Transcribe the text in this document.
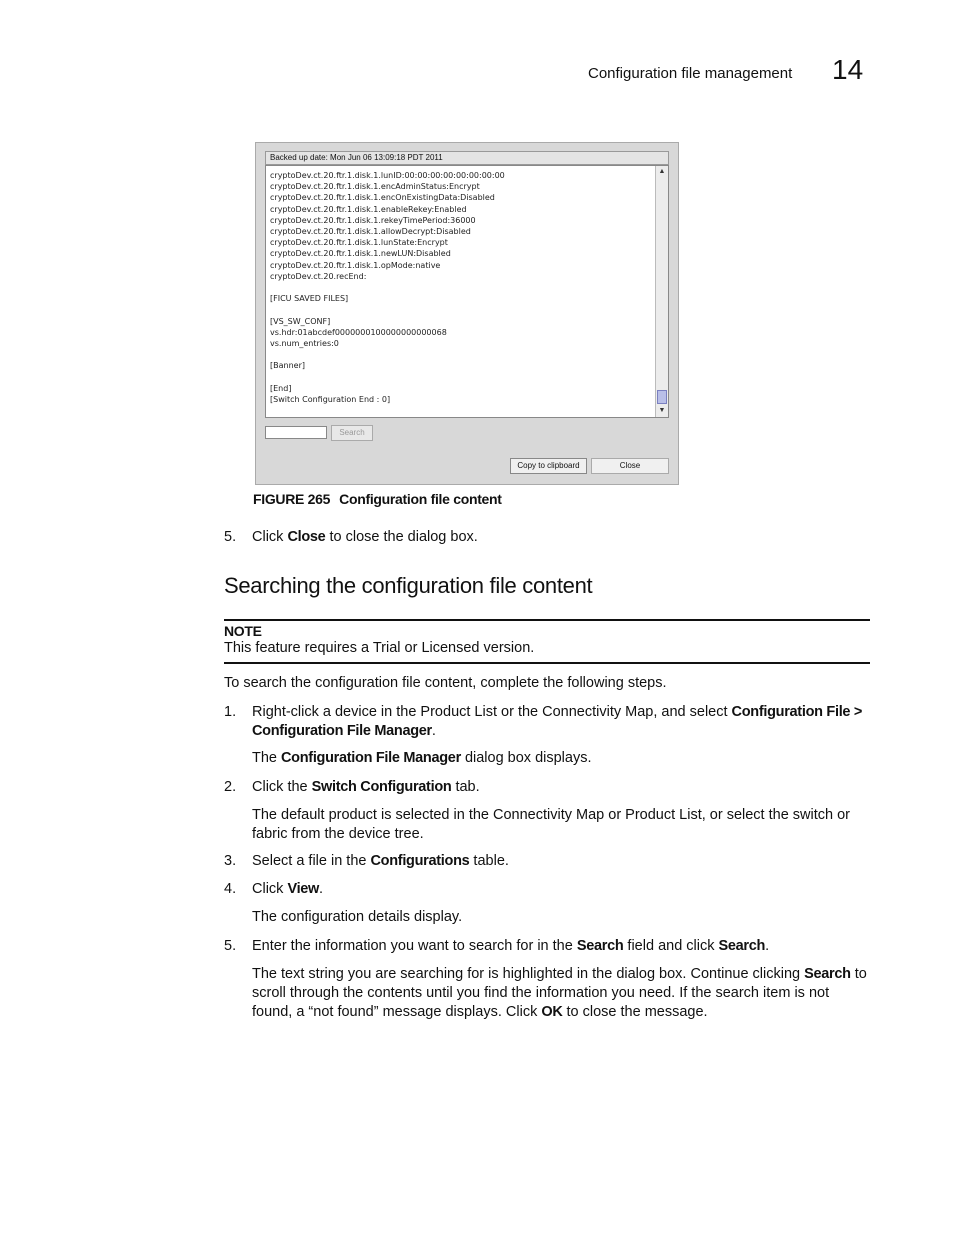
Configuration file management 14
Backed up date: Mon Jun 06 13:09:18 PDT 2011
cryptoDev.ct.20.ftr.1.disk.1.lunID:00:00:00:00:00:00:00:00
cryptoDev.ct.20.ftr.1.disk.1.encAdminStatus:Encrypt
cryptoDev.ct.20.ftr.1.disk.1.encOnExistingData:Disabled
cryptoDev.ct.20.ftr.1.disk.1.enableRekey:Enabled
cryptoDev.ct.20.ftr.1.disk.1.rekeyTimePeriod:36000
cryptoDev.ct.20.ftr.1.disk.1.allowDecrypt:Disabled
cryptoDev.ct.20.ftr.1.disk.1.lunState:Encrypt
cryptoDev.ct.20.ftr.1.disk.1.newLUN:Disabled
cryptoDev.ct.20.ftr.1.disk.1.opMode:native
cryptoDev.ct.20.recEnd:

[FICU SAVED FILES]

[VS_SW_CONF]
vs.hdr:01abcdef0000000100000000000068
vs.num_entries:0

[Banner]

[End]
[Switch Configuration End : 0]
▲
▼
Search
Copy to clipboard	Close
FIGURE 265 Configuration file content
5. Click Close to close the dialog box.
Searching the configuration file content
NOTE
This feature requires a Trial or Licensed version.
To search the configuration file content, complete the following steps.
1. Right-click a device in the Product List or the Connectivity Map, and select Configuration File > Configuration File Manager.
The Configuration File Manager dialog box displays.
2. Click the Switch Configuration tab.
The default product is selected in the Connectivity Map or Product List, or select the switch or fabric from the device tree.
3. Select a file in the Configurations table.
4. Click View.
The configuration details display.
5. Enter the information you want to search for in the Search field and click Search.
The text string you are searching for is highlighted in the dialog box. Continue clicking Search to scroll through the contents until you find the information you need. If the search item is not found, a “not found” message displays. Click OK to close the message.
